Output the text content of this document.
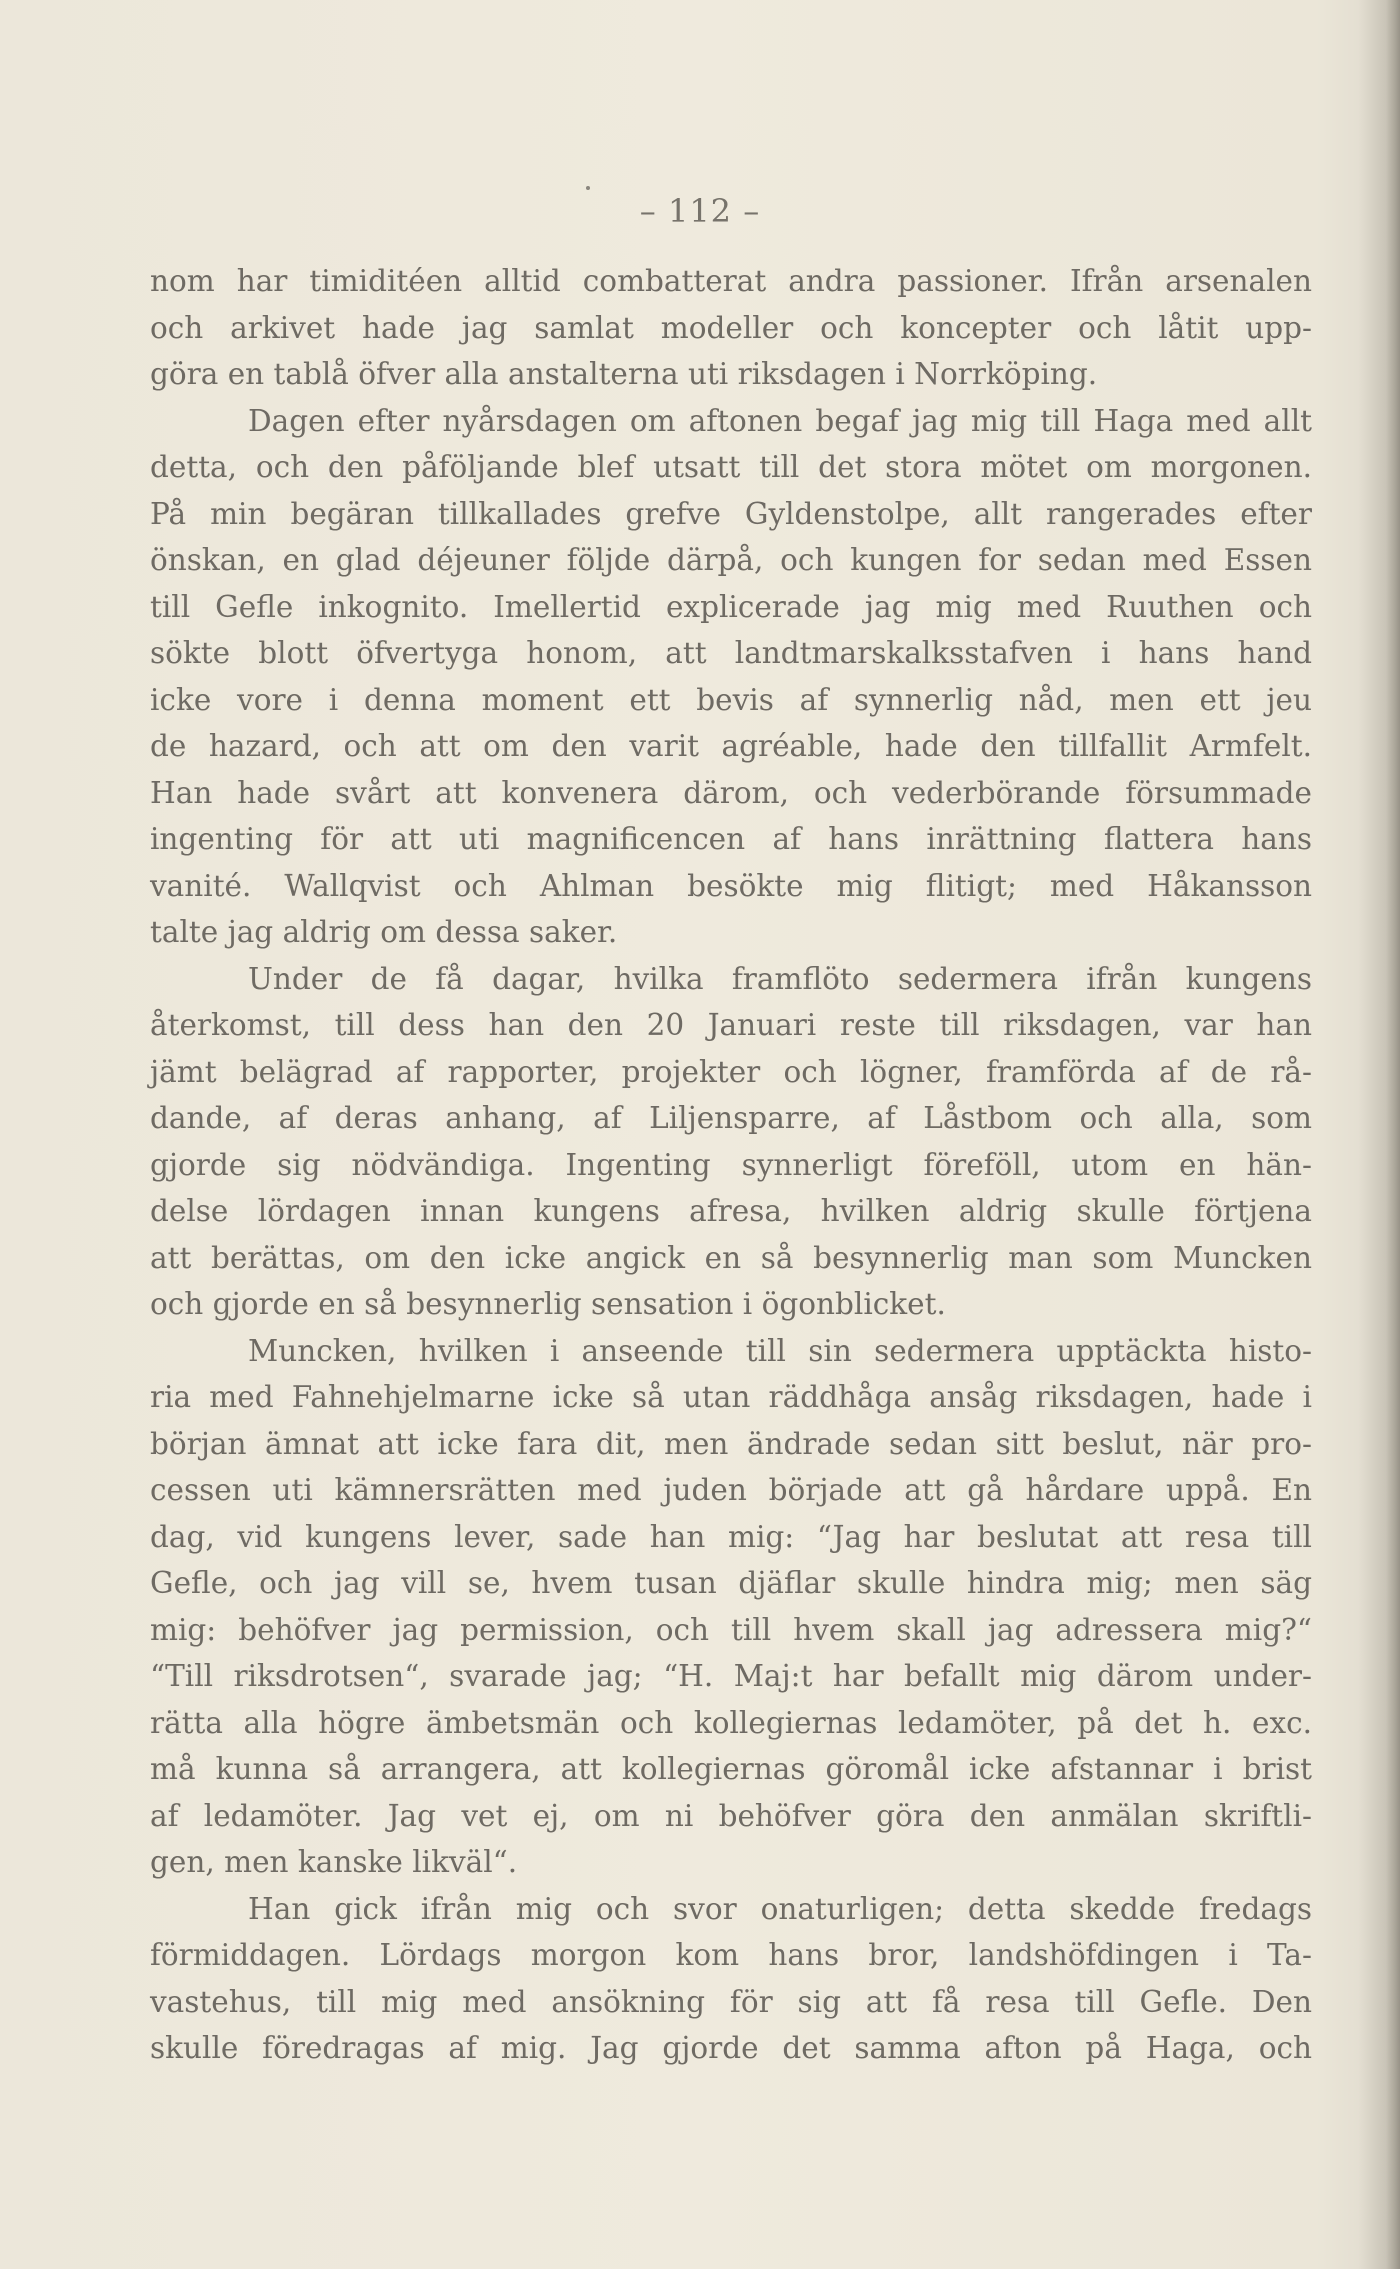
– 112 –
nom har timiditéen alltid combatterat andra passioner. Ifrån arsenalen
och arkivet hade jag samlat modeller och koncepter och låtit upp-
göra en tablå öfver alla anstalterna uti riksdagen i Norrköping.
Dagen efter nyårsdagen om aftonen begaf jag mig till Haga med allt
detta, och den påföljande blef utsatt till det stora mötet om morgonen.
På min begäran tillkallades grefve Gyldenstolpe, allt rangerades efter
önskan, en glad déjeuner följde därpå, och kungen for sedan med Essen
till Gefle inkognito. Imellertid explicerade jag mig med Ruuthen och
sökte blott öfvertyga honom, att landtmarskalksstafven i hans hand
icke vore i denna moment ett bevis af synnerlig nåd, men ett jeu
de hazard, och att om den varit agréable, hade den tillfallit Armfelt.
Han hade svårt att konvenera därom, och vederbörande försummade
ingenting för att uti magnificencen af hans inrättning flattera hans
vanité. Wallqvist och Ahlman besökte mig flitigt; med Håkansson
talte jag aldrig om dessa saker.
Under de få dagar, hvilka framflöto sedermera ifrån kungens
återkomst, till dess han den 20 Januari reste till riksdagen, var han
jämt belägrad af rapporter, projekter och lögner, framförda af de rå-
dande, af deras anhang, af Liljensparre, af Låstbom och alla, som
gjorde sig nödvändiga. Ingenting synnerligt föreföll, utom en hän-
delse lördagen innan kungens afresa, hvilken aldrig skulle förtjena
att berättas, om den icke angick en så besynnerlig man som Muncken
och gjorde en så besynnerlig sensation i ögonblicket.
Muncken, hvilken i anseende till sin sedermera upptäckta histo-
ria med Fahnehjelmarne icke så utan räddhåga ansåg riksdagen, hade i
början ämnat att icke fara dit, men ändrade sedan sitt beslut, när pro-
cessen uti kämnersrätten med juden började att gå hårdare uppå. En
dag, vid kungens lever, sade han mig: “Jag har beslutat att resa till
Gefle, och jag vill se, hvem tusan djäflar skulle hindra mig; men säg
mig: behöfver jag permission, och till hvem skall jag adressera mig?“
“Till riksdrotsen“, svarade jag; “H. Maj:t har befallt mig därom under-
rätta alla högre ämbetsmän och kollegiernas ledamöter, på det h. exc.
må kunna så arrangera, att kollegiernas göromål icke afstannar i brist
af ledamöter. Jag vet ej, om ni behöfver göra den anmälan skriftli-
gen, men kanske likväl“.
Han gick ifrån mig och svor onaturligen; detta skedde fredags
förmiddagen. Lördags morgon kom hans bror, landshöfdingen i Ta-
vastehus, till mig med ansökning för sig att få resa till Gefle. Den
skulle föredragas af mig. Jag gjorde det samma afton på Haga, och
